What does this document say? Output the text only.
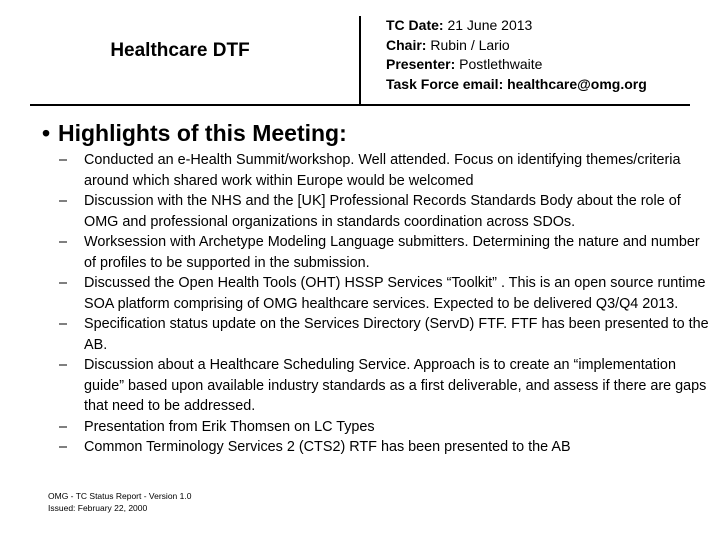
Healthcare DTF
TC Date: 21 June 2013
Chair: Rubin / Lario
Presenter: Postlethwaite
Task Force email: healthcare@omg.org
• Highlights of this Meeting:
– Conducted an e-Health Summit/workshop. Well attended. Focus on identifying themes/criteria around which shared work within Europe would be welcomed
– Discussion with the NHS and the [UK] Professional Records Standards Body about the role of OMG and professional organizations in standards coordination across SDOs.
– Worksession with Archetype Modeling Language submitters. Determining the nature and number of profiles to be supported in the submission.
– Discussed the Open Health Tools (OHT) HSSP Services “Toolkit” . This is an open source runtime SOA platform comprising of OMG healthcare services. Expected to be delivered Q3/Q4 2013.
– Specification status update on the Services Directory (ServD) FTF. FTF has been presented to the AB.
– Discussion about a Healthcare Scheduling Service. Approach is to create an “implementation guide” based upon available industry standards as a first deliverable, and assess if there are gaps that need to be addressed.
– Presentation from Erik Thomsen on LC Types
– Common Terminology Services 2 (CTS2) RTF has been presented to the AB
OMG - TC Status Report - Version 1.0
Issued: February 22, 2000
